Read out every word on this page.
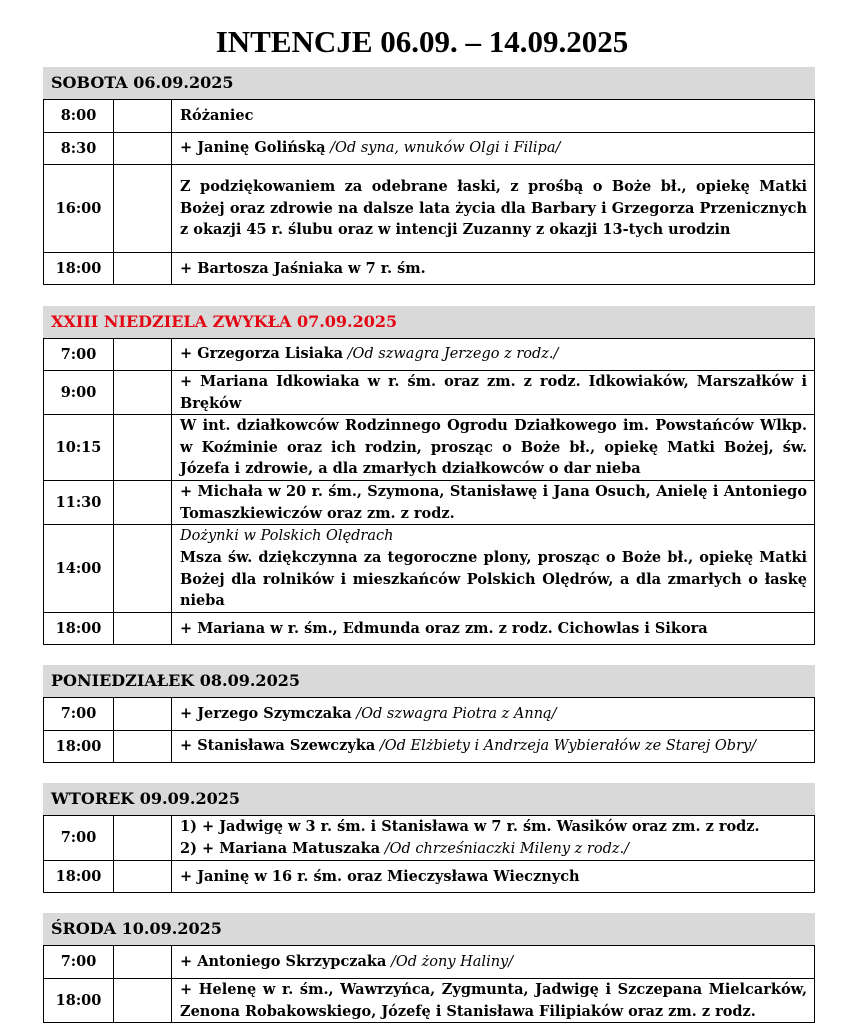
INTENCJE 06.09. – 14.09.2025
SOBOTA 06.09.2025
8:00		Różaniec
8:30		+ Janinę Golińską /Od syna, wnuków Olgi i Filipa/
16:00		Z podziękowaniem za odebrane łaski, z prośbą o Boże bł., opiekę Matki Bożej oraz zdrowie na dalsze lata życia dla Barbary i Grzegorza Przenicznych z okazji 45 r. ślubu oraz w intencji Zuzanny z okazji 13-tych urodzin
18:00		+ Bartosza Jaśniaka w 7 r. śm.
XXIII NIEDZIELA ZWYKŁA 07.09.2025
7:00		+ Grzegorza Lisiaka /Od szwagra Jerzego z rodz./
9:00		+ Mariana Idkowiaka w r. śm. oraz zm. z rodz. Idkowiaków, Marszałków i Bręków
10:15		W int. działkowców Rodzinnego Ogrodu Działkowego im. Powstańców Wlkp. w Koźminie oraz ich rodzin, prosząc o Boże bł., opiekę Matki Bożej, św. Józefa i zdrowie, a dla zmarłych działkowców o dar nieba
11:30		+ Michała w 20 r. śm., Szymona, Stanisławę i Jana Osuch, Anielę i Antoniego Tomaszkiewiczów oraz zm. z rodz.
14:00		Dożynki w Polskich Olędrach
Msza św. dziękczynna za tegoroczne plony, prosząc o Boże bł., opiekę Matki Bożej dla rolników i mieszkańców Polskich Olędrów, a dla zmarłych o łaskę nieba
18:00		+ Mariana w r. śm., Edmunda oraz zm. z rodz. Cichowlas i Sikora
PONIEDZIAŁEK 08.09.2025
7:00		+ Jerzego Szymczaka /Od szwagra Piotra z Anną/
18:00		+ Stanisława Szewczyka /Od Elżbiety i Andrzeja Wybierałów ze Starej Obry/
WTOREK 09.09.2025
7:00		1) + Jadwigę w 3 r. śm. i Stanisława w 7 r. śm. Wasików oraz zm. z rodz.
2) + Mariana Matuszaka /Od chrześniaczki Mileny z rodz./
18:00		+ Janinę w 16 r. śm. oraz Mieczysława Wiecznych
ŚRODA 10.09.2025
7:00		+ Antoniego Skrzypczaka /Od żony Haliny/
18:00		+ Helenę w r. śm., Wawrzyńca, Zygmunta, Jadwigę i Szczepana Mielcarków, Zenona Robakowskiego, Józefę i Stanisława Filipiaków oraz zm. z rodz.
